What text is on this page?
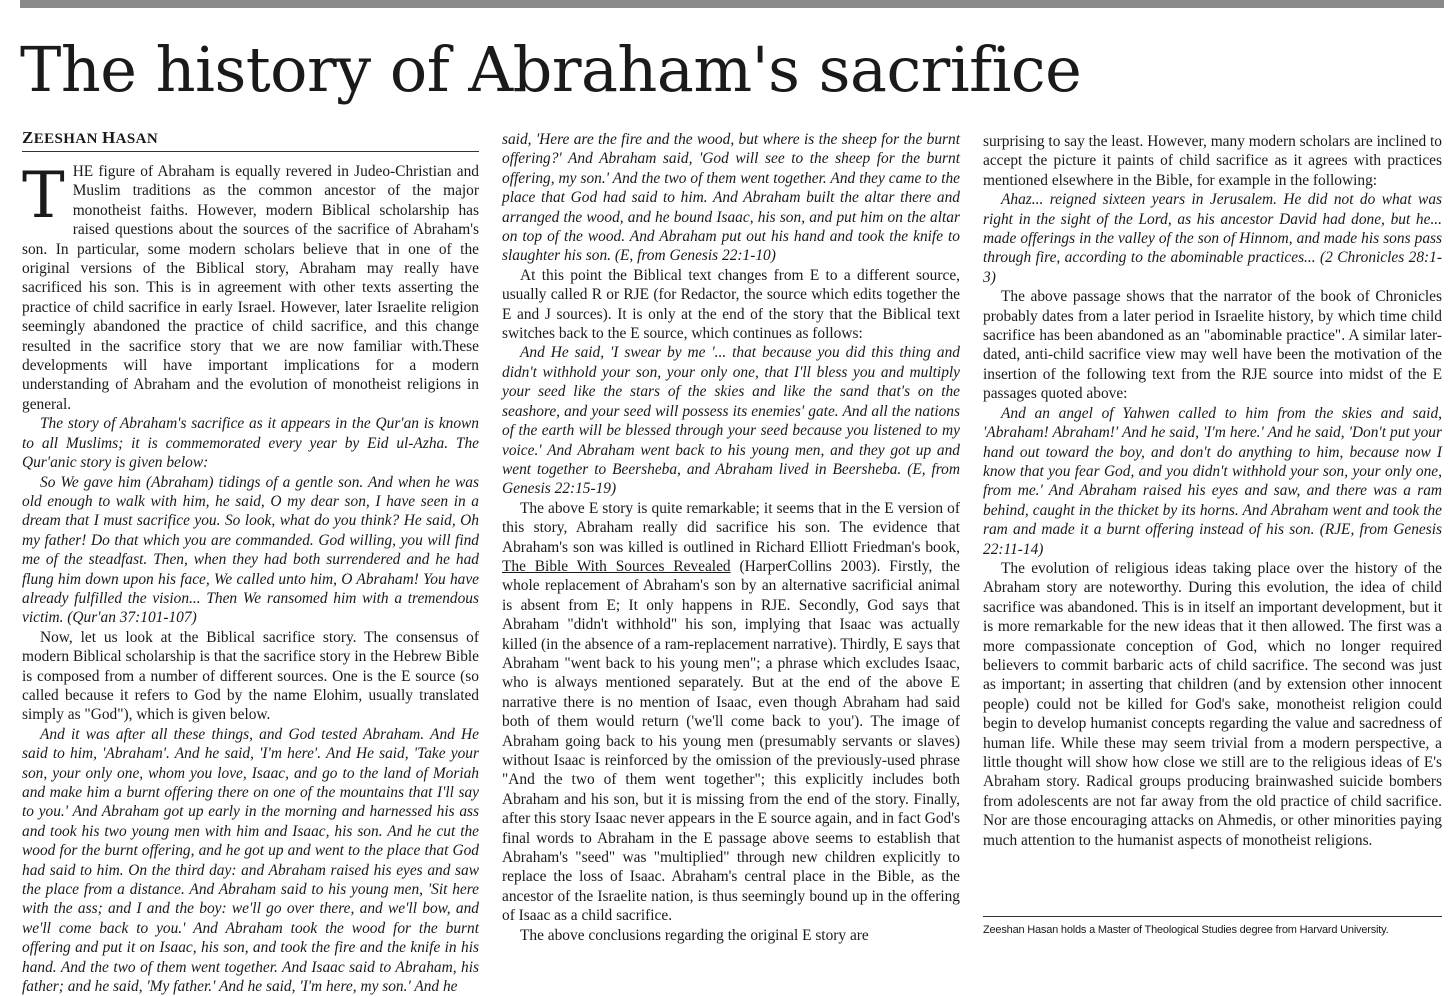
The history of Abraham's sacrifice
ZEESHAN HASAN

THE figure of Abraham is equally revered in Judeo-Christian and Muslim traditions as the common ancestor of the major monotheist faiths. However, modern Biblical scholarship has raised questions about the sources of the sacrifice of Abraham's son. In particular, some modern scholars believe that in one of the original versions of the Biblical story, Abraham may really have sacrificed his son. This is in agreement with other texts asserting the practice of child sacrifice in early Israel. However, later Israelite religion seemingly abandoned the practice of child sacrifice, and this change resulted in the sacrifice story that we are now familiar with.These developments will have important implications for a modern understanding of Abraham and the evolution of monotheist religions in general.

The story of Abraham's sacrifice as it appears in the Qur'an is known to all Muslims; it is commemorated every year by Eid ul-Azha. The Qur'anic story is given below:

So We gave him (Abraham) tidings of a gentle son. And when he was old enough to walk with him, he said, O my dear son, I have seen in a dream that I must sacrifice you. So look, what do you think? He said, Oh my father! Do that which you are commanded. God willing, you will find me of the steadfast. Then, when they had both surrendered and he had flung him down upon his face, We called unto him, O Abraham! You have already fulfilled the vision... Then We ransomed him with a tremendous victim. (Qur'an 37:101-107)

Now, let us look at the Biblical sacrifice story. The consensus of modern Biblical scholarship is that the sacrifice story in the Hebrew Bible is composed from a number of different sources. One is the E source (so called because it refers to God by the name Elohim, usually translated simply as "God"), which is given below.

And it was after all these things, and God tested Abraham. And He said to him, 'Abraham'. And he said, 'I'm here'. And He said, 'Take your son, your only one, whom you love, Isaac, and go to the land of Moriah and make him a burnt offering there on one of the mountains that I'll say to you.' And Abraham got up early in the morning and harnessed his ass and took his two young men with him and Isaac, his son. And he cut the wood for the burnt offering, and he got up and went to the place that God had said to him. On the third day: and Abraham raised his eyes and saw the place from a distance. And Abraham said to his young men, 'Sit here with the ass; and I and the boy: we'll go over there, and we'll bow, and we'll come back to you.' And Abraham took the wood for the burnt offering and put it on Isaac, his son, and took the fire and the knife in his hand. And the two of them went together. And Isaac said to Abraham, his father; and he said, 'My father.' And he said, 'I'm here, my son.' And he

said, 'Here are the fire and the wood, but where is the sheep for the burnt offering?' And Abraham said, 'God will see to the sheep for the burnt offering, my son.' And the two of them went together. And they came to the place that God had said to him. And Abraham built the altar there and arranged the wood, and he bound Isaac, his son, and put him on the altar on top of the wood. And Abraham put out his hand and took the knife to slaughter his son. (E, from Genesis 22:1-10)

At this point the Biblical text changes from E to a different source, usually called R or RJE (for Redactor, the source which edits together the E and J sources). It is only at the end of the story that the Biblical text switches back to the E source, which continues as follows:

And He said, 'I swear by me '... that because you did this thing and didn't withhold your son, your only one, that I'll bless you and multiply your seed like the stars of the skies and like the sand that's on the seashore, and your seed will possess its enemies' gate. And all the nations of the earth will be blessed through your seed because you listened to my voice.' And Abraham went back to his young men, and they got up and went together to Beersheba, and Abraham lived in Beersheba. (E, from Genesis 22:15-19)

The above E story is quite remarkable; it seems that in the E version of this story, Abraham really did sacrifice his son. The evidence that Abraham's son was killed is outlined in Richard Elliott Friedman's book, The Bible With Sources Revealed (HarperCollins 2003). Firstly, the whole replacement of Abraham's son by an alternative sacrificial animal is absent from E; It only happens in RJE. Secondly, God says that Abraham "didn't withhold" his son, implying that Isaac was actually killed (in the absence of a ram-replacement narrative). Thirdly, E says that Abraham "went back to his young men"; a phrase which excludes Isaac, who is always mentioned separately. But at the end of the above E narrative there is no mention of Isaac, even though Abraham had said both of them would return ('we'll come back to you'). The image of Abraham going back to his young men (presumably servants or slaves) without Isaac is reinforced by the omission of the previously-used phrase "And the two of them went together"; this explicitly includes both Abraham and his son, but it is missing from the end of the story. Finally, after this story Isaac never appears in the E source again, and in fact God's final words to Abraham in the E passage above seems to establish that Abraham's "seed" was "multiplied" through new children explicitly to replace the loss of Isaac. Abraham's central place in the Bible, as the ancestor of the Israelite nation, is thus seemingly bound up in the offering of Isaac as a child sacrifice.

The above conclusions regarding the original E story are

surprising to say the least. However, many modern scholars are inclined to accept the picture it paints of child sacrifice as it agrees with practices mentioned elsewhere in the Bible, for example in the following:

Ahaz... reigned sixteen years in Jerusalem. He did not do what was right in the sight of the Lord, as his ancestor David had done, but he... made offerings in the valley of the son of Hinnom, and made his sons pass through fire, according to the abominable practices... (2 Chronicles 28:1-3)

The above passage shows that the narrator of the book of Chronicles probably dates from a later period in Israelite history, by which time child sacrifice has been abandoned as an "abominable practice". A similar later-dated, anti-child sacrifice view may well have been the motivation of the insertion of the following text from the RJE source into midst of the E passages quoted above:

And an angel of Yahwen called to him from the skies and said, 'Abraham! Abraham!' And he said, 'I'm here.' And he said, 'Don't put your hand out toward the boy, and don't do anything to him, because now I know that you fear God, and you didn't withhold your son, your only one, from me.' And Abraham raised his eyes and saw, and there was a ram behind, caught in the thicket by its horns. And Abraham went and took the ram and made it a burnt offering instead of his son. (RJE, from Genesis 22:11-14)

The evolution of religious ideas taking place over the history of the Abraham story are noteworthy. During this evolution, the idea of child sacrifice was abandoned. This is in itself an important development, but it is more remarkable for the new ideas that it then allowed. The first was a more compassionate conception of God, which no longer required believers to commit barbaric acts of child sacrifice. The second was just as important; in asserting that children (and by extension other innocent people) could not be killed for God's sake, monotheist religion could begin to develop humanist concepts regarding the value and sacredness of human life. While these may seem trivial from a modern perspective, a little thought will show how close we still are to the religious ideas of E's Abraham story. Radical groups producing brainwashed suicide bombers from adolescents are not far away from the old practice of child sacrifice. Nor are those encouraging attacks on Ahmedis, or other minorities paying much attention to the humanist aspects of monotheist religions.

Zeeshan Hasan holds a Master of Theological Studies degree from Harvard University.
